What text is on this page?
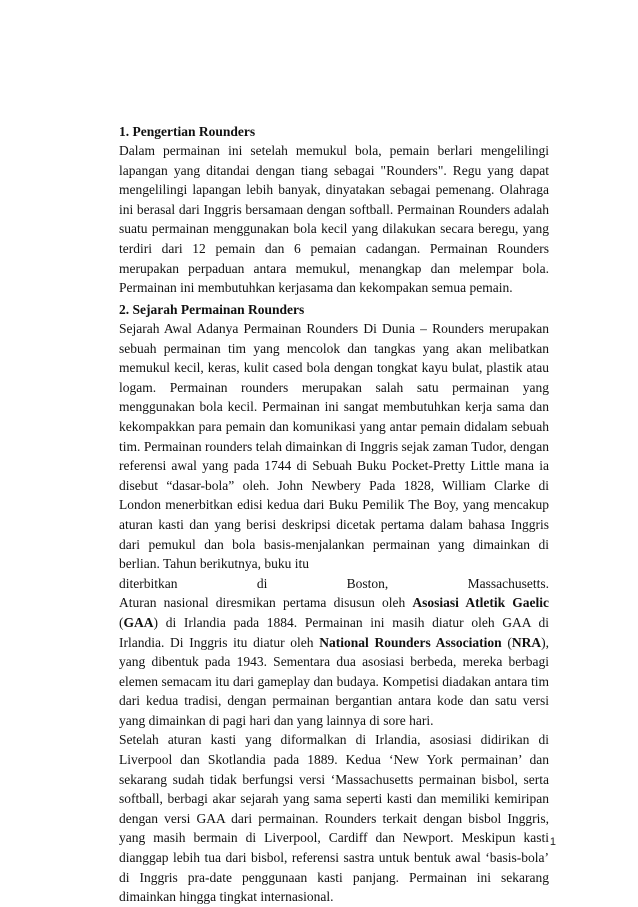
1. Pengertian Rounders

Dalam permainan ini setelah memukul bola, pemain berlari mengelilingi lapangan yang ditandai dengan tiang sebagai "Rounders". Regu yang dapat mengelilingi lapangan lebih banyak, dinyatakan sebagai pemenang. Olahraga ini berasal dari Inggris bersamaan dengan softball. Permainan Rounders adalah suatu permainan menggunakan bola kecil yang dilakukan secara beregu, yang terdiri dari 12 pemain dan 6 pemaian cadangan. Permainan Rounders merupakan perpaduan antara memukul, menangkap dan melempar bola. Permainan ini membutuhkan kerjasama dan kekompakan semua pemain.

2. Sejarah Permainan Rounders

Sejarah Awal Adanya Permainan Rounders Di Dunia – Rounders merupakan sebuah permainan tim yang mencolok dan tangkas yang akan melibatkan memukul kecil, keras, kulit cased bola dengan tongkat kayu bulat, plastik atau logam. Permainan rounders merupakan salah satu permainan yang menggunakan bola kecil. Permainan ini sangat membutuhkan kerja sama dan kekompakkan para pemain dan komunikasi yang antar pemain didalam sebuah tim. Permainan rounders telah dimainkan di Inggris sejak zaman Tudor, dengan referensi awal yang pada 1744 di Sebuah Buku Pocket-Pretty Little mana ia disebut “dasar-bola” oleh. John Newbery Pada 1828, William Clarke di London menerbitkan edisi kedua dari Buku Pemilik The Boy, yang mencakup aturan kasti dan yang berisi deskripsi dicetak pertama dalam bahasa Inggris dari pemukul dan bola basis-menjalankan permainan yang dimainkan di berlian. Tahun berikutnya, buku itu

diterbitkan	di	Boston,	Massachusetts.

Aturan nasional diresmikan pertama disusun oleh Asosiasi Atletik Gaelic (GAA) di Irlandia pada 1884. Permainan ini masih diatur oleh GAA di Irlandia. Di Inggris itu diatur oleh National Rounders Association (NRA), yang dibentuk pada 1943. Sementara dua asosiasi berbeda, mereka berbagi elemen semacam itu dari gameplay dan budaya. Kompetisi diadakan antara tim dari kedua tradisi, dengan permainan bergantian antara kode dan satu versi yang dimainkan di pagi hari dan yang lainnya di sore hari.

Setelah aturan kasti yang diformalkan di Irlandia, asosiasi didirikan di Liverpool dan Skotlandia pada 1889. Kedua ‘New York permainan’ dan sekarang sudah tidak berfungsi versi ‘Massachusetts permainan bisbol, serta softball, berbagi akar sejarah yang sama seperti kasti dan memiliki kemiripan dengan versi GAA dari permainan. Rounders terkait dengan bisbol Inggris, yang masih bermain di Liverpool, Cardiff dan Newport. Meskipun kasti dianggap lebih tua dari bisbol, referensi sastra untuk bentuk awal ‘basis-bola’ di Inggris pra-date penggunaan kasti panjang. Permainan ini sekarang dimainkan hingga tingkat internasional.

1
